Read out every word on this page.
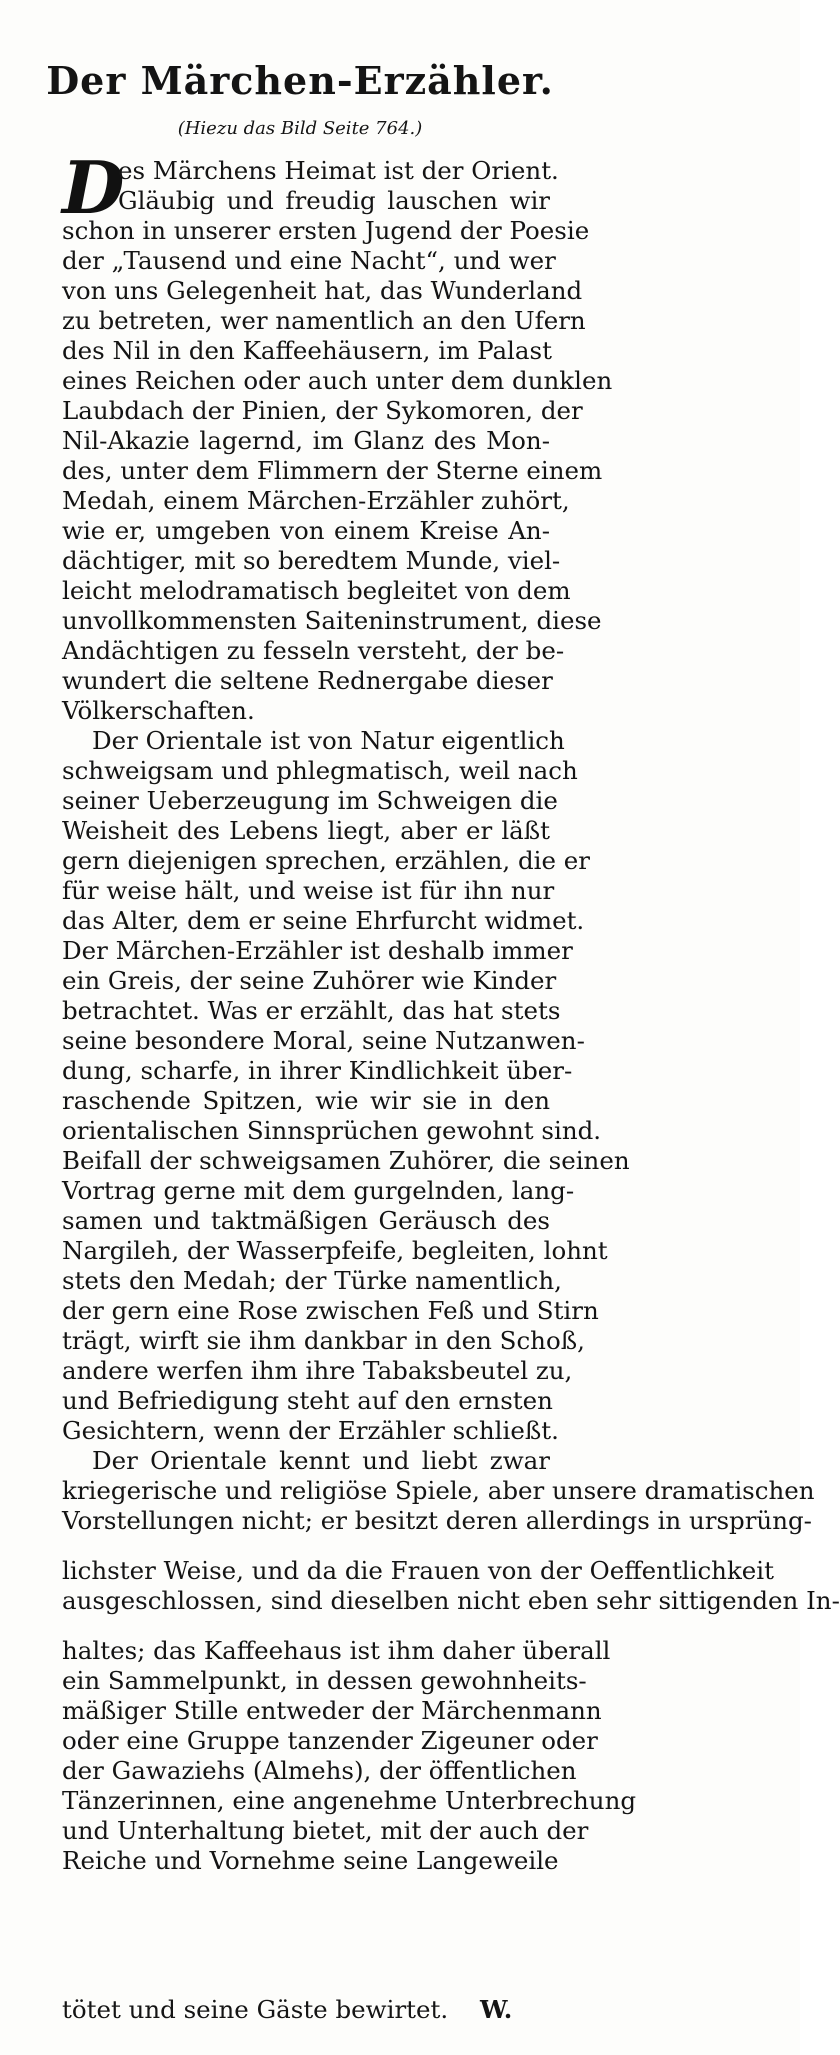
Der Märchen-Erzähler.
(Hiezu das Bild Seite 764.)
D
es Märchens Heimat ist der Orient.
Gläubig und freudig lauschen wir
schon in unserer ersten Jugend der Poesie
der „Tausend und eine Nacht“, und wer
von uns Gelegenheit hat, das Wunderland
zu betreten, wer namentlich an den Ufern
des Nil in den Kaffeehäusern, im Palast
eines Reichen oder auch unter dem dunklen
Laubdach der Pinien, der Sykomoren, der
Nil-Akazie lagernd, im Glanz des Mon-
des, unter dem Flimmern der Sterne einem
Medah, einem Märchen-Erzähler zuhört,
wie er, umgeben von einem Kreise An-
dächtiger, mit so beredtem Munde, viel-
leicht melodramatisch begleitet von dem
unvollkommensten Saiteninstrument, diese
Andächtigen zu fesseln versteht, der be-
wundert die seltene Rednergabe dieser
Völkerschaften.
Der Orientale ist von Natur eigentlich
schweigsam und phlegmatisch, weil nach
seiner Ueberzeugung im Schweigen die
Weisheit des Lebens liegt, aber er läßt
gern diejenigen sprechen, erzählen, die er
für weise hält, und weise ist für ihn nur
das Alter, dem er seine Ehrfurcht widmet.
Der Märchen-Erzähler ist deshalb immer
ein Greis, der seine Zuhörer wie Kinder
betrachtet. Was er erzählt, das hat stets
seine besondere Moral, seine Nutzanwen-
dung, scharfe, in ihrer Kindlichkeit über-
raschende Spitzen, wie wir sie in den
orientalischen Sinnsprüchen gewohnt sind.
Beifall der schweigsamen Zuhörer, die seinen
Vortrag gerne mit dem gurgelnden, lang-
samen und taktmäßigen Geräusch des
Nargileh, der Wasserpfeife, begleiten, lohnt
stets den Medah; der Türke namentlich,
der gern eine Rose zwischen Feß und Stirn
trägt, wirft sie ihm dankbar in den Schoß,
andere werfen ihm ihre Tabaksbeutel zu,
und Befriedigung steht auf den ernsten
Gesichtern, wenn der Erzähler schließt.
Der Orientale kennt und liebt zwar
kriegerische und religiöse Spiele, aber unsere dramatischen
Vorstellungen nicht; er besitzt deren allerdings in ursprüng-
lichster Weise, und da die Frauen von der Oeffentlichkeit
ausgeschlossen, sind dieselben nicht eben sehr sittigenden In-
haltes; das Kaffeehaus ist ihm daher überall
ein Sammelpunkt, in dessen gewohnheits-
mäßiger Stille entweder der Märchenmann
oder eine Gruppe tanzender Zigeuner oder
der Gawaziehs (Almehs), der öffentlichen
Tänzerinnen, eine angenehme Unterbrechung
und Unterhaltung bietet, mit der auch der
Reiche und Vornehme seine Langeweile
tötet und seine Gäste bewirtet.	W.
